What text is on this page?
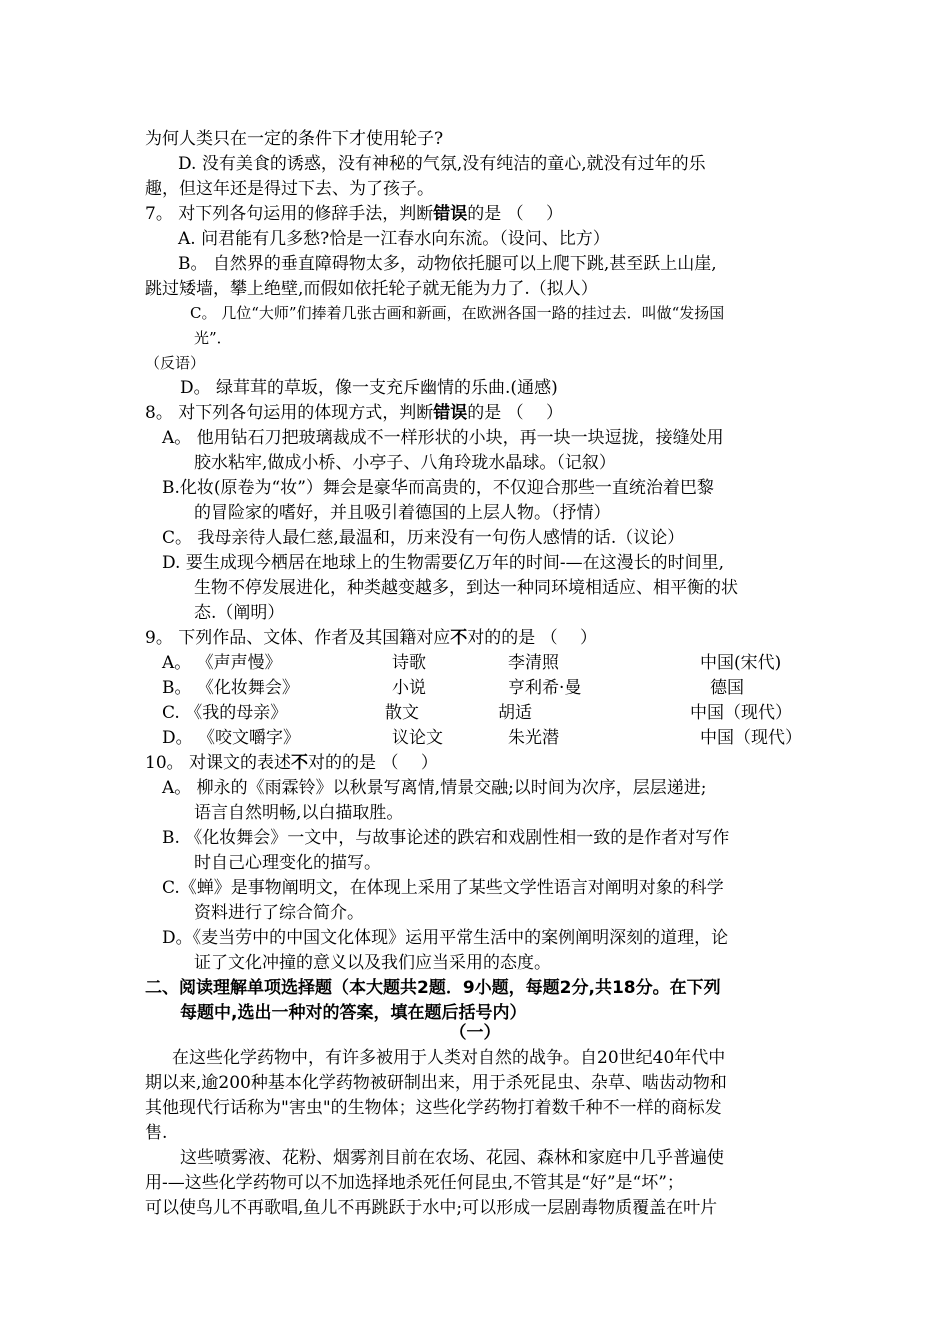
为何人类只在一定的条件下才使用轮子?
D. 没有美食的诱惑，没有神秘的气氛,没有纯洁的童心,就没有过年的乐
趣，但这年还是得过下去、为了孩子。
7。 对下列各句运用的修辞手法，判断错误的是 （　 ）
A. 问君能有几多愁?恰是一江春水向东流。（设问、比方）
B。 自然界的垂直障碍物太多，动物依托腿可以上爬下跳,甚至跃上山崖,
跳过矮墙，攀上绝壁,而假如依托轮子就无能为力了.（拟人）
C。 几位“大师”们捧着几张古画和新画，在欧洲各国一路的挂过去．叫做“发扬国
光”．
（反语）
D。 绿茸茸的草坂，像一支充斥幽情的乐曲.(通感)
8。 对下列各句运用的体现方式，判断错误的是 （　 ）
A。 他用钻石刀把玻璃裁成不一样形状的小块，再一块一块逗拢，接缝处用
胶水粘牢,做成小桥、小亭子、八角玲珑水晶球。（记叙）
B.化妆(原卷为“妆”）舞会是豪华而高贵的，不仅迎合那些一直统治着巴黎
的冒险家的嗜好，并且吸引着德国的上层人物。（抒情）
C。 我母亲待人最仁慈,最温和，历来没有一句伤人感情的话.（议论）
D. 要生成现今栖居在地球上的生物需要亿万年的时间-—在这漫长的时间里,
生物不停发展进化，种类越变越多，到达一种同环境相适应、相平衡的状
态.（阐明）
9。 下列作品、文体、作者及其国籍对应不对的的是 （　 ）
A。 《声声慢》	诗歌	李清照	中国(宋代)
B。 《化妆舞会》	小说	亨利希·曼	德国
C. 《我的母亲》	散文	胡适	中国（现代）
D。 《咬文嚼字》	议论文	朱光潜	中国（现代）
10。 对课文的表述不对的的是 （　 ）
A。 柳永的《雨霖铃》以秋景写离情,情景交融;以时间为次序，层层递进;
语言自然明畅,以白描取胜。
B. 《化妆舞会》一文中，与故事论述的跌宕和戏剧性相一致的是作者对写作
时自己心理变化的描写。
C.《蝉》是事物阐明文，在体现上采用了某些文学性语言对阐明对象的科学
资料进行了综合简介。
D。《麦当劳中的中国文化体现》运用平常生活中的案例阐明深刻的道理，论
证了文化冲撞的意义以及我们应当采用的态度。
二、阅读理解单项选择题（本大题共2题．9小题，每题2分,共18分。在下列
每题中,选出一种对的答案，填在题后括号内）
（一）
在这些化学药物中，有许多被用于人类对自然的战争。自20世纪40年代中
期以来,逾200种基本化学药物被研制出来，用于杀死昆虫、杂草、啮齿动物和
其他现代行话称为"害虫"的生物体；这些化学药物打着数千种不一样的商标发
售.
这些喷雾液、花粉、烟雾剂目前在农场、花园、森林和家庭中几乎普遍使
用-—这些化学药物可以不加选择地杀死任何昆虫,不管其是“好”是“坏”；
可以使鸟儿不再歌唱,鱼儿不再跳跃于水中;可以形成一层剧毒物质覆盖在叶片
